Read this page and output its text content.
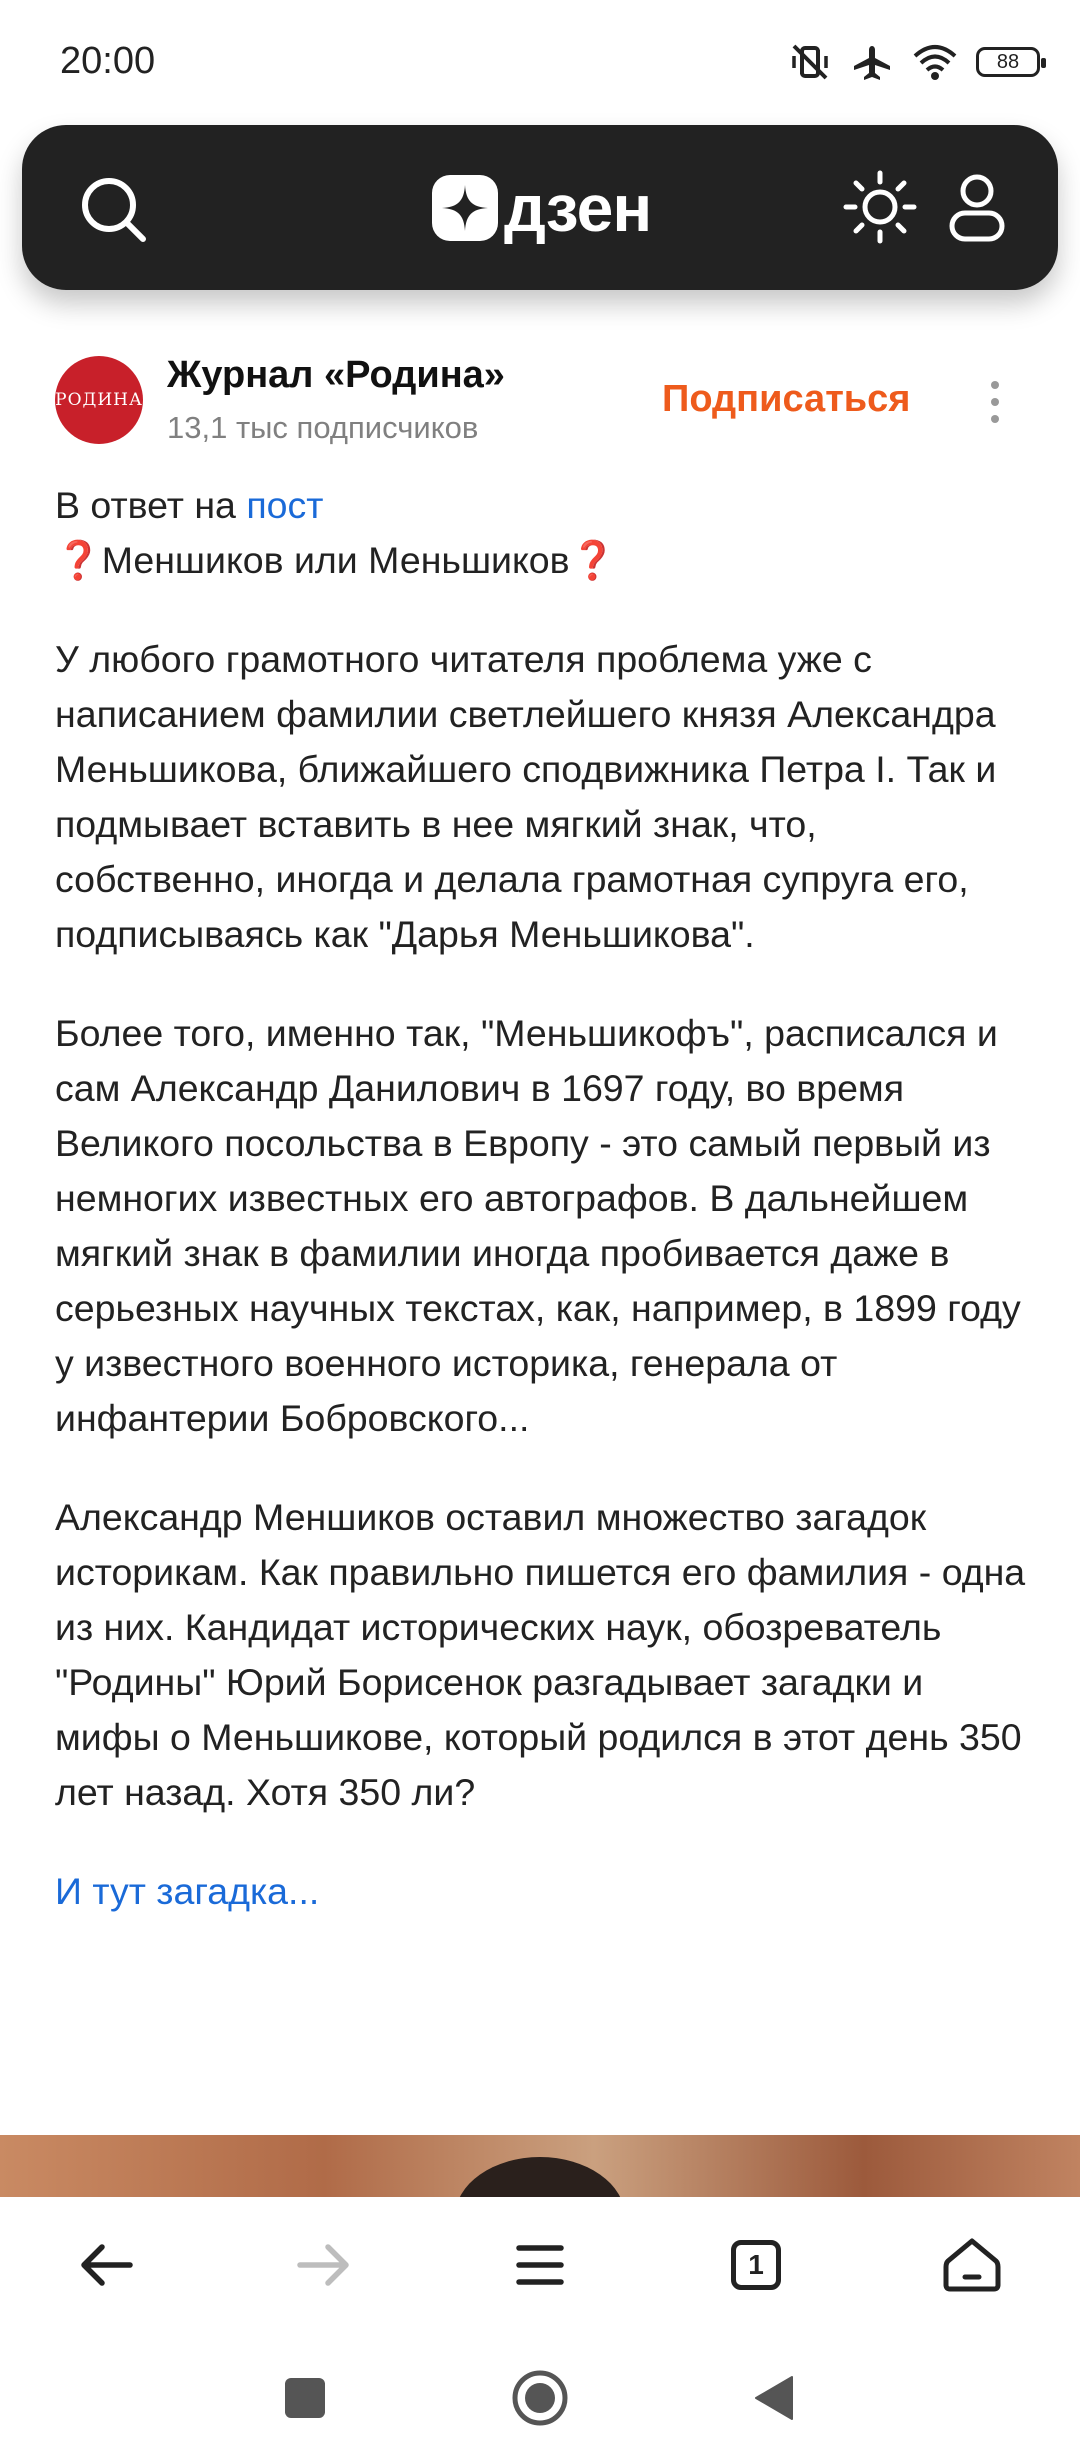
20:00	88
дзен
РОДИНА
Журнал «Родина»
13,1 тыс подписчиков
Подписаться

В ответ на пост

❓Меншиков или Меньшиков❓

У любого грамотного читателя проблема уже с написанием фамилии светлейшего князя Александра Меньшикова, ближайшего сподвижника Петра I. Так и подмывает вставить в нее мягкий знак, что, собственно, иногда и делала грамотная супруга его, подписываясь как "Дарья Меньшикова".

Более того, именно так, "Меньшикофъ", расписался и сам Александр Данилович в 1697 году, во время Великого посольства в Европу - это самый первый из немногих известных его автографов. В дальнейшем мягкий знак в фамилии иногда пробивается даже в серьезных научных текстах, как, например, в 1899 году у известного военного историка, генерала от инфантерии Бобровского...

Александр Меншиков оставил множество загадок историкам. Как правильно пишется его фамилия - одна из них. Кандидат исторических наук, обозреватель "Родины" Юрий Борисенок разгадывает загадки и мифы о Меньшикове, который родился в этот день 350 лет назад. Хотя 350 ли?

И тут загадка...

1
